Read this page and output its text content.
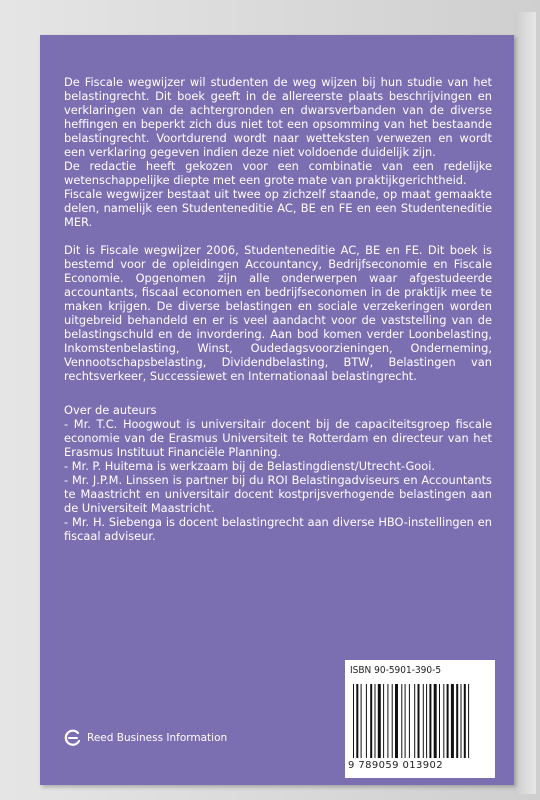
De Fiscale wegwijzer wil studenten de weg wijzen bij hun studie van het belastingrecht. Dit boek geeft in de allereerste plaats beschrijvingen en verklaringen van de achtergronden en dwarsverbanden van de diverse heffingen en beperkt zich dus niet tot een opsomming van het bestaande belastingrecht. Voortdurend wordt naar wetteksten verwezen en wordt een verklaring gegeven indien deze niet voldoende duidelijk zijn.

De redactie heeft gekozen voor een combinatie van een redelijke wetenschappelijke diepte met een grote mate van praktijkgerichtheid.

Fiscale wegwijzer bestaat uit twee op zichzelf staande, op maat gemaakte delen, namelijk een Studenteneditie AC, BE en FE en een Studenteneditie MER.

Dit is Fiscale wegwijzer 2006, Studenteneditie AC, BE en FE. Dit boek is bestemd voor de opleidingen Accountancy, Bedrijfseconomie en Fiscale Economie. Opgenomen zijn alle onderwerpen waar afgestudeerde accountants, fiscaal economen en bedrijfseconomen in de praktijk mee te maken krijgen. De diverse belastingen en sociale verzekeringen worden uitgebreid behandeld en er is veel aandacht voor de vaststelling van de belastingschuld en de invordering. Aan bod komen verder Loonbelasting, Inkomstenbelasting, Winst, Oudedagsvoorzieningen, Onderneming, Vennootschapsbelasting, Dividendbelasting, BTW, Belastingen van rechtsverkeer, Successiewet en Internationaal belastingrecht.

Over de auteurs

- Mr. T.C. Hoogwout is universitair docent bij de capaciteitsgroep fiscale economie van de Erasmus Universiteit te Rotterdam en directeur van het Erasmus Instituut Financiële Planning.
- Mr. P. Huitema is werkzaam bij de Belastingdienst/Utrecht-Gooi.
- Mr. J.P.M. Linssen is partner bij du ROI Belastingadviseurs en Accountants te Maastricht en universitair docent kostprijsverhogende belastingen aan de Universiteit Maastricht.
- Mr. H. Siebenga is docent belastingrecht aan diverse HBO-instellingen en fiscaal adviseur.
Reed Business Information
ISBN 90-5901-390-5
9 789059 013902
